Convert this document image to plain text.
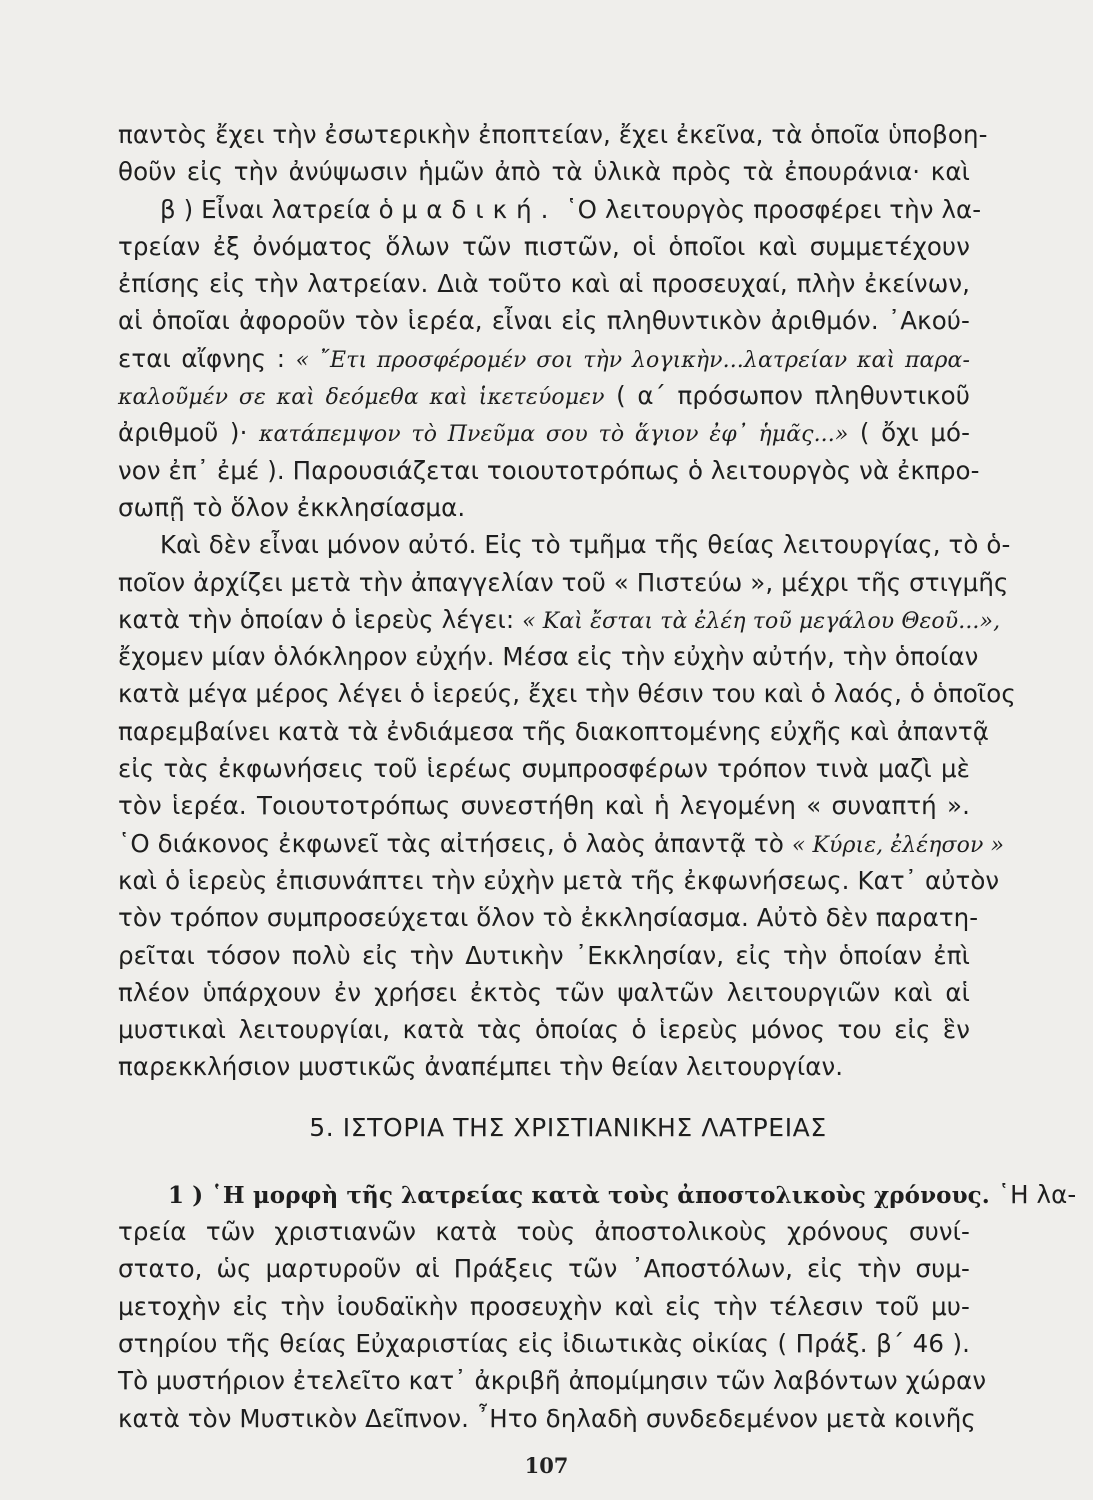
παντὸς ἔχει τὴν ἐσωτερικὴν ἐποπτείαν, ἔχει ἐκεῖνα, τὰ ὁποῖα ὑποβοη-
θοῦν εἰς τὴν ἀνύψωσιν ἡμῶν ἀπὸ τὰ ὑλικὰ πρὸς τὰ ἐπουράνια· καὶ
β ) Εἶναι λατρεία ὁ μαδική. ῾Ο λειτουργὸς προσφέρει τὴν λα-
τρείαν ἐξ ὀνόματος ὅλων τῶν πιστῶν, οἱ ὁποῖοι καὶ συμμετέχουν
ἐπίσης εἰς τὴν λατρείαν. Διὰ τοῦτο καὶ αἱ προσευχαί, πλὴν ἐκείνων,
αἱ ὁποῖαι ἀφοροῦν τὸν ἱερέα, εἶναι εἰς πληθυντικὸν ἀριθμόν. ᾿Ακού-
εται αἴφνης : « ῎Ετι προσφέρομέν σοι τὴν λογικὴν...λατρείαν καὶ παρα-
καλοῦμέν σε καὶ δεόμεθα καὶ ἱκετεύομεν ( α΄ πρόσωπον πληθυντικοῦ
ἀριθμοῦ )· κατάπεμψον τὸ Πνεῦμα σου τὸ ἅγιον ἐφ᾿ ἡμᾶς...» ( ὄχι μό-
νον ἐπ᾿ ἐμέ ). Παρουσιάζεται τοιουτοτρόπως ὁ λειτουργὸς νὰ ἐκπρο-
σωπῇ τὸ ὅλον ἐκκλησίασμα.
Καὶ δὲν εἶναι μόνον αὐτό. Εἰς τὸ τμῆμα τῆς θείας λειτουργίας, τὸ ὁ-
ποῖον ἀρχίζει μετὰ τὴν ἀπαγγελίαν τοῦ « Πιστεύω », μέχρι τῆς στιγμῆς
κατὰ τὴν ὁποίαν ὁ ἱερεὺς λέγει: « Καὶ ἔσται τὰ ἐλέη τοῦ μεγάλου Θεοῦ...»,
ἔχομεν μίαν ὁλόκληρον εὐχήν. Μέσα εἰς τὴν εὐχὴν αὐτήν, τὴν ὁποίαν
κατὰ μέγα μέρος λέγει ὁ ἱερεύς, ἔχει τὴν θέσιν του καὶ ὁ λαός, ὁ ὁποῖος
παρεμβαίνει κατὰ τὰ ἐνδιάμεσα τῆς διακοπτομένης εὐχῆς καὶ ἀπαντᾷ
εἰς τὰς ἐκφωνήσεις τοῦ ἱερέως συμπροσφέρων τρόπον τινὰ μαζὶ μὲ
τὸν ἱερέα. Τοιουτοτρόπως συνεστήθη καὶ ἡ λεγομένη « συναπτή ».
῾Ο διάκονος ἐκφωνεῖ τὰς αἰτήσεις, ὁ λαὸς ἀπαντᾷ τὸ « Κύριε, ἐλέησον »
καὶ ὁ ἱερεὺς ἐπισυνάπτει τὴν εὐχὴν μετὰ τῆς ἐκφωνήσεως. Κατ᾿ αὐτὸν
τὸν τρόπον συμπροσεύχεται ὅλον τὸ ἐκκλησίασμα. Αὐτὸ δὲν παρατη-
ρεῖται τόσον πολὺ εἰς τὴν Δυτικὴν ᾿Εκκλησίαν, εἰς τὴν ὁποίαν ἐπὶ
πλέον ὑπάρχουν ἐν χρήσει ἐκτὸς τῶν ψαλτῶν λειτουργιῶν καὶ αἱ
μυστικαὶ λειτουργίαι, κατὰ τὰς ὁποίας ὁ ἱερεὺς μόνος του εἰς ἓν
παρεκκλήσιον μυστικῶς ἀναπέμπει τὴν θείαν λειτουργίαν.
5. ΙΣΤΟΡΙΑ ΤΗΣ ΧΡΙΣΤΙΑΝΙΚΗΣ ΛΑΤΡΕΙΑΣ
1 ) ῾Η μορφὴ τῆς λατρείας κατὰ τοὺς ἀποστολικοὺς χρόνους. ῾Η λα-
τρεία τῶν χριστιανῶν κατὰ τοὺς ἀποστολικοὺς χρόνους συνί-
στατο, ὡς μαρτυροῦν αἱ Πράξεις τῶν ᾿Αποστόλων, εἰς τὴν συμ-
μετοχὴν εἰς τὴν ἰουδαϊκὴν προσευχὴν καὶ εἰς τὴν τέλεσιν τοῦ μυ-
στηρίου τῆς θείας Εὐχαριστίας εἰς ἰδιωτικὰς οἰκίας ( Πράξ. β΄ 46 ).
Τὸ μυστήριον ἐτελεῖτο κατ᾿ ἀκριβῆ ἀπομίμησιν τῶν λαβόντων χώραν
κατὰ τὸν Μυστικὸν Δεῖπνον. ῏Ητο δηλαδὴ συνδεδεμένον μετὰ κοινῆς
107
